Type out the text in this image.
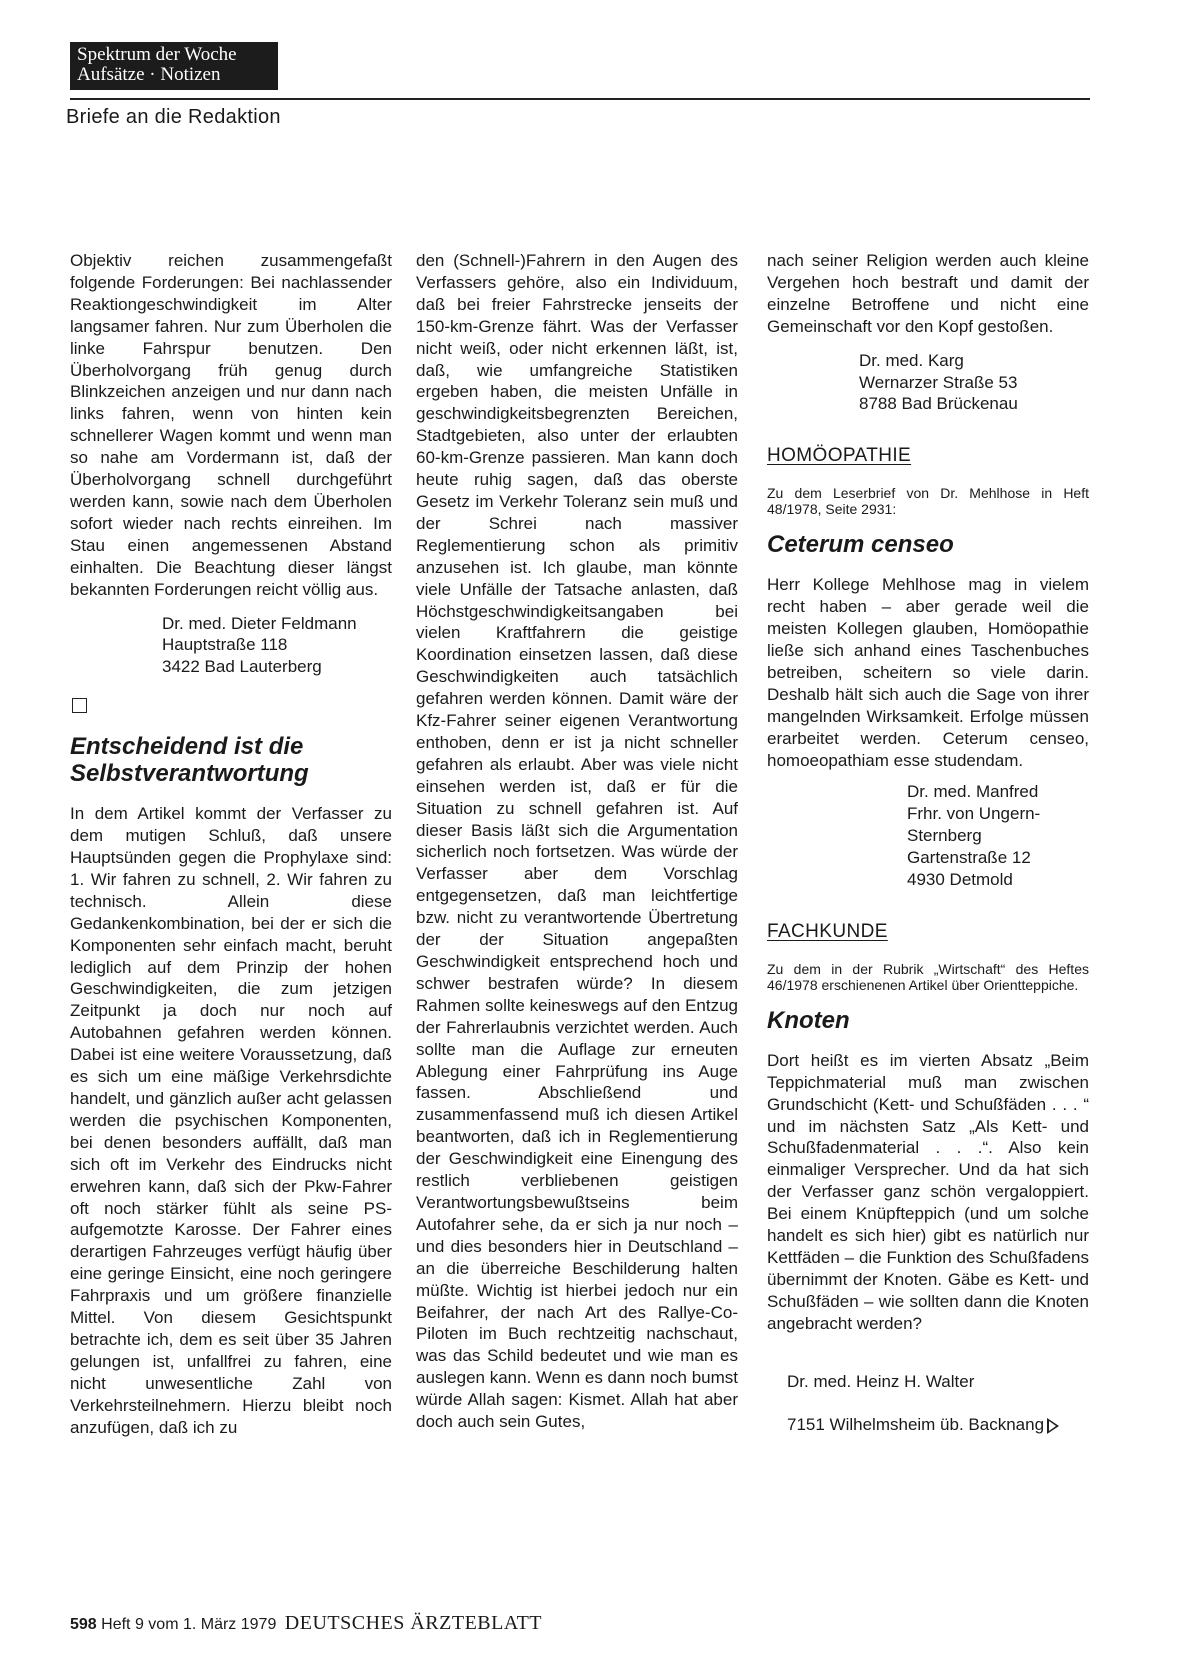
Spektrum der Woche
Aufsätze · Notizen
Briefe an die Redaktion

Objektiv reichen zusammengefaßt folgende Forderungen: Bei nachlassender Reaktiongeschwindigkeit im Alter langsamer fahren. Nur zum Überholen die linke Fahrspur benutzen. Den Überholvorgang früh genug durch Blinkzeichen anzeigen und nur dann nach links fahren, wenn von hinten kein schnellerer Wagen kommt und wenn man so nahe am Vordermann ist, daß der Überholvorgang schnell durchgeführt werden kann, sowie nach dem Überholen sofort wieder nach rechts einreihen. Im Stau einen angemessenen Abstand einhalten. Die Beachtung dieser längst bekannten Forderungen reicht völlig aus.

Dr. med. Dieter Feldmann
Hauptstraße 118
3422 Bad Lauterberg
Entscheidend ist die Selbstverantwortung

In dem Artikel kommt der Verfasser zu dem mutigen Schluß, daß unsere Hauptsünden gegen die Prophylaxe sind: 1. Wir fahren zu schnell, 2. Wir fahren zu technisch. Allein diese Gedankenkombination, bei der er sich die Komponenten sehr einfach macht, beruht lediglich auf dem Prinzip der hohen Geschwindigkeiten, die zum jetzigen Zeitpunkt ja doch nur noch auf Autobahnen gefahren werden können. Dabei ist eine weitere Voraussetzung, daß es sich um eine mäßige Verkehrsdichte handelt, und gänzlich außer acht gelassen werden die psychischen Komponenten, bei denen besonders auffällt, daß man sich oft im Verkehr des Eindrucks nicht erwehren kann, daß sich der Pkw-Fahrer oft noch stärker fühlt als seine PS-aufgemotzte Karosse. Der Fahrer eines derartigen Fahrzeuges verfügt häufig über eine geringe Einsicht, eine noch geringere Fahrpraxis und um größere finanzielle Mittel. Von diesem Gesichtspunkt betrachte ich, dem es seit über 35 Jahren gelungen ist, unfallfrei zu fahren, eine nicht unwesentliche Zahl von Verkehrsteilnehmern. Hierzu bleibt noch anzufügen, daß ich zu

den (Schnell-)Fahrern in den Augen des Verfassers gehöre, also ein Individuum, daß bei freier Fahrstrecke jenseits der 150-km-Grenze fährt. Was der Verfasser nicht weiß, oder nicht erkennen läßt, ist, daß, wie umfangreiche Statistiken ergeben haben, die meisten Unfälle in geschwindigkeitsbegrenzten Bereichen, Stadtgebieten, also unter der erlaubten 60-km-Grenze passieren. Man kann doch heute ruhig sagen, daß das oberste Gesetz im Verkehr Toleranz sein muß und der Schrei nach massiver Reglementierung schon als primitiv anzusehen ist. Ich glaube, man könnte viele Unfälle der Tatsache anlasten, daß Höchstgeschwindigkeitsangaben bei vielen Kraftfahrern die geistige Koordination einsetzen lassen, daß diese Geschwindigkeiten auch tatsächlich gefahren werden können. Damit wäre der Kfz-Fahrer seiner eigenen Verantwortung enthoben, denn er ist ja nicht schneller gefahren als erlaubt. Aber was viele nicht einsehen werden ist, daß er für die Situation zu schnell gefahren ist. Auf dieser Basis läßt sich die Argumentation sicherlich noch fortsetzen. Was würde der Verfasser aber dem Vorschlag entgegensetzen, daß man leichtfertige bzw. nicht zu verantwortende Übertretung der der Situation angepaßten Geschwindigkeit entsprechend hoch und schwer bestrafen würde? In diesem Rahmen sollte keineswegs auf den Entzug der Fahrerlaubnis verzichtet werden. Auch sollte man die Auflage zur erneuten Ablegung einer Fahrprüfung ins Auge fassen. Abschließend und zusammenfassend muß ich diesen Artikel beantworten, daß ich in Reglementierung der Geschwindigkeit eine Einengung des restlich verbliebenen geistigen Verantwortungsbewußtseins beim Autofahrer sehe, da er sich ja nur noch – und dies besonders hier in Deutschland – an die überreiche Beschilderung halten müßte. Wichtig ist hierbei jedoch nur ein Beifahrer, der nach Art des Rallye-Co-Piloten im Buch rechtzeitig nachschaut, was das Schild bedeutet und wie man es auslegen kann. Wenn es dann noch bumst würde Allah sagen: Kismet. Allah hat aber doch auch sein Gutes,

nach seiner Religion werden auch kleine Vergehen hoch bestraft und damit der einzelne Betroffene und nicht eine Gemeinschaft vor den Kopf gestoßen.

Dr. med. Karg
Wernarzer Straße 53
8788 Bad Brückenau
HOMÖOPATHIE

Zu dem Leserbrief von Dr. Mehlhose in Heft 48/1978, Seite 2931:

Ceterum censeo

Herr Kollege Mehlhose mag in vielem recht haben – aber gerade weil die meisten Kollegen glauben, Homöopathie ließe sich anhand eines Taschenbuches betreiben, scheitern so viele darin. Deshalb hält sich auch die Sage von ihrer mangelnden Wirksamkeit. Erfolge müssen erarbeitet werden. Ceterum censeo, homoeopathiam esse studendam.

Dr. med. Manfred
Frhr. von Ungern-Sternberg
Gartenstraße 12
4930 Detmold
FACHKUNDE

Zu dem in der Rubrik „Wirtschaft“ des Heftes 46/1978 erschienenen Artikel über Orientteppiche.

Knoten

Dort heißt es im vierten Absatz „Beim Teppichmaterial muß man zwischen Grundschicht (Kett- und Schußfäden . . . “ und im nächsten Satz „Als Kett- und Schußfadenmaterial . . .“. Also kein einmaliger Versprecher. Und da hat sich der Verfasser ganz schön vergaloppiert. Bei einem Knüpfteppich (und um solche handelt es sich hier) gibt es natürlich nur Kettfäden – die Funktion des Schußfadens übernimmt der Knoten. Gäbe es Kett- und Schußfäden – wie sollten dann die Knoten angebracht werden?

Dr. med. Heinz H. Walter

7151 Wilhelmsheim üb. Backnang

598 Heft 9 vom 1. März 1979 DEUTSCHES ÄRZTEBLATT
